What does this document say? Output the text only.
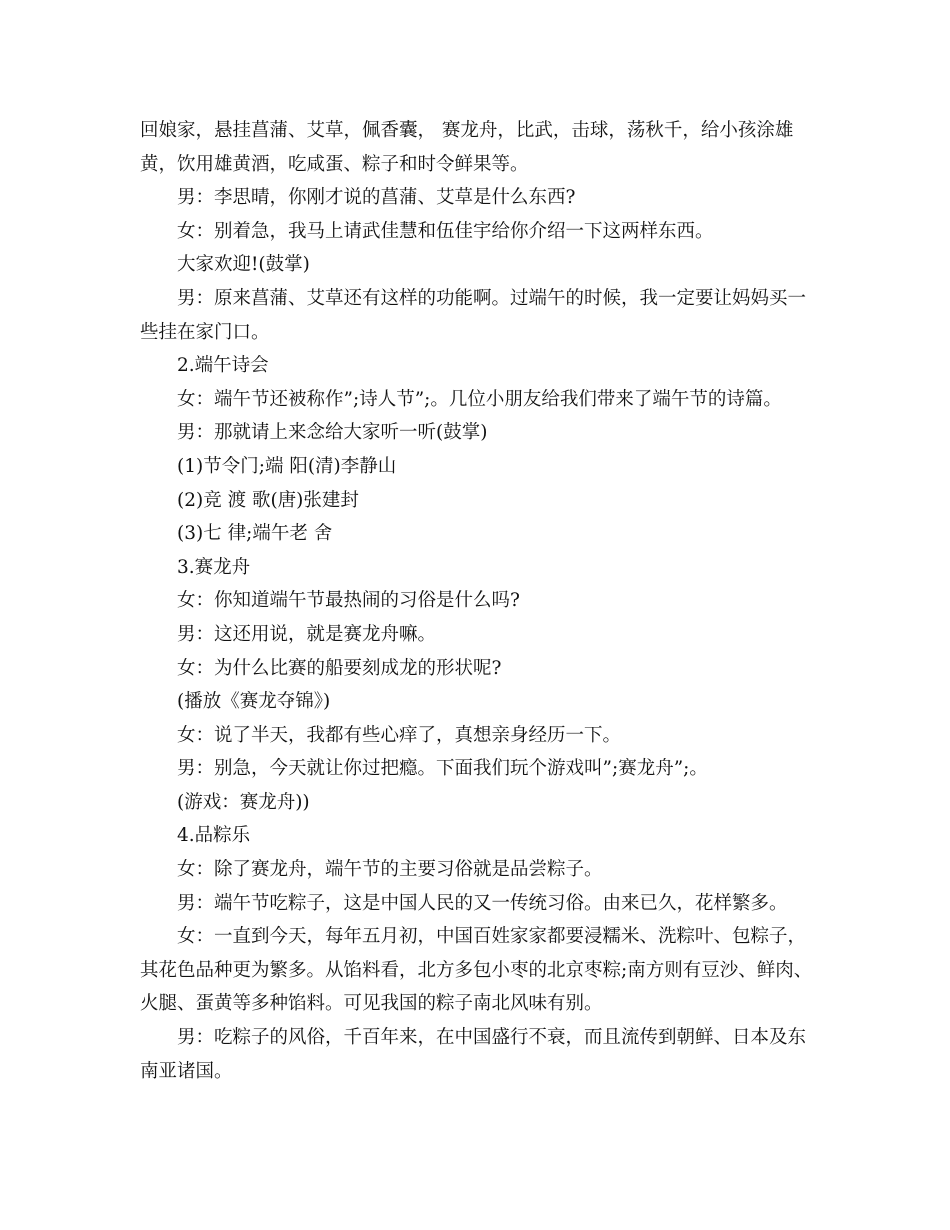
回娘家，悬挂菖蒲、艾草，佩香囊， 赛龙舟，比武，击球，荡秋千，给小孩涂雄
黄，饮用雄黄酒，吃咸蛋、粽子和时令鲜果等。
男：李思晴，你刚才说的菖蒲、艾草是什么东西?
女：别着急，我马上请武佳慧和伍佳宇给你介绍一下这两样东西。
大家欢迎!(鼓掌)
男：原来菖蒲、艾草还有这样的功能啊。过端午的时候，我一定要让妈妈买一
些挂在家门口。
2.端午诗会
女：端午节还被称作”;诗人节”;。几位小朋友给我们带来了端午节的诗篇。
男：那就请上来念给大家听一听(鼓掌)
(1)节令门;端 阳(清)李静山
(2)竞 渡 歌(唐)张建封
(3)七 律;端午老 舍
3.赛龙舟
女：你知道端午节最热闹的习俗是什么吗?
男：这还用说，就是赛龙舟嘛。
女：为什么比赛的船要刻成龙的形状呢?
(播放《赛龙夺锦》)
女：说了半天，我都有些心痒了，真想亲身经历一下。
男：别急，今天就让你过把瘾。下面我们玩个游戏叫”;赛龙舟”;。
(游戏：赛龙舟))
4.品粽乐
女：除了赛龙舟，端午节的主要习俗就是品尝粽子。
男：端午节吃粽子，这是中国人民的又一传统习俗。由来已久，花样繁多。
女：一直到今天，每年五月初，中国百姓家家都要浸糯米、洗粽叶、包粽子，
其花色品种更为繁多。从馅料看，北方多包小枣的北京枣粽;南方则有豆沙、鲜肉、
火腿、蛋黄等多种馅料。可见我国的粽子南北风味有别。
男：吃粽子的风俗，千百年来，在中国盛行不衰，而且流传到朝鲜、日本及东
南亚诸国。
